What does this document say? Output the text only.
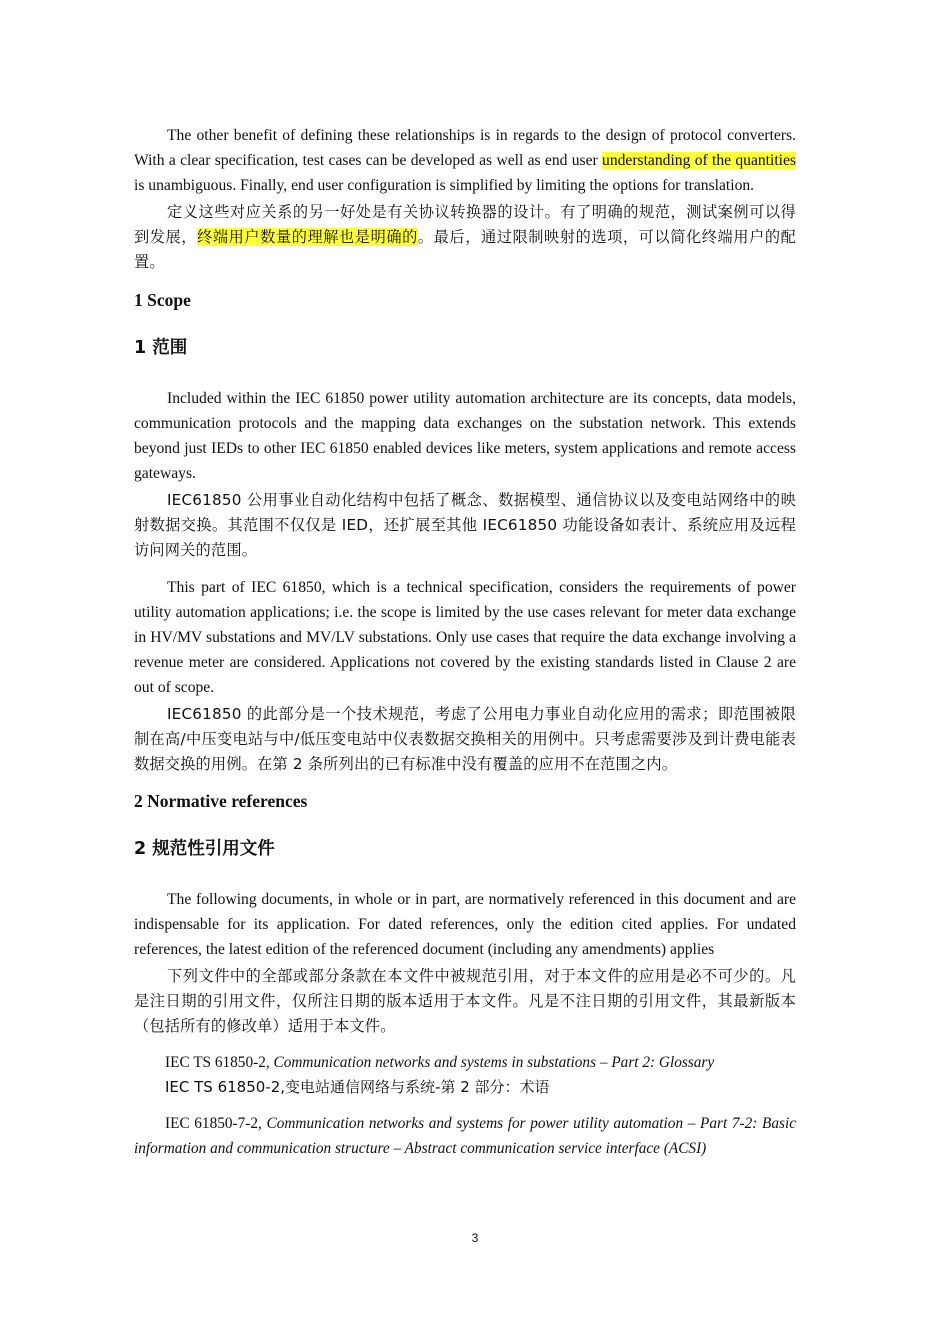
The other benefit of defining these relationships is in regards to the design of protocol converters. With a clear specification, test cases can be developed as well as end user understanding of the quantities is unambiguous. Finally, end user configuration is simplified by limiting the options for translation.

定义这些对应关系的另一好处是有关协议转换器的设计。有了明确的规范，测试案例可以得到发展，终端用户数量的理解也是明确的。最后，通过限制映射的选项，可以简化终端用户的配置。

1 Scope
1 范围

Included within the IEC 61850 power utility automation architecture are its concepts, data models, communication protocols and the mapping data exchanges on the substation network. This extends beyond just IEDs to other IEC 61850 enabled devices like meters, system applications and remote access gateways.

IEC61850 公用事业自动化结构中包括了概念、数据模型、通信协议以及变电站网络中的映射数据交换。其范围不仅仅是 IED，还扩展至其他 IEC61850 功能设备如表计、系统应用及远程访问网关的范围。

This part of IEC 61850, which is a technical specification, considers the requirements of power utility automation applications; i.e. the scope is limited by the use cases relevant for meter data exchange in HV/MV substations and MV/LV substations. Only use cases that require the data exchange involving a revenue meter are considered. Applications not covered by the existing standards listed in Clause 2 are out of scope.

IEC61850 的此部分是一个技术规范，考虑了公用电力事业自动化应用的需求；即范围被限制在高/中压变电站与中/低压变电站中仪表数据交换相关的用例中。只考虑需要涉及到计费电能表数据交换的用例。在第 2 条所列出的已有标准中没有覆盖的应用不在范围之内。

2 Normative references
2 规范性引用文件

The following documents, in whole or in part, are normatively referenced in this document and are indispensable for its application. For dated references, only the edition cited applies. For undated references, the latest edition of the referenced document (including any amendments) applies

下列文件中的全部或部分条款在本文件中被规范引用，对于本文件的应用是必不可少的。凡是注日期的引用文件，仅所注日期的版本适用于本文件。凡是不注日期的引用文件，其最新版本（包括所有的修改单）适用于本文件。

IEC TS 61850-2, Communication networks and systems in substations – Part 2: Glossary

IEC TS 61850-2,变电站通信网络与系统-第 2 部分：术语

IEC 61850-7-2, Communication networks and systems for power utility automation – Part 7-2: Basic information and communication structure – Abstract communication service interface (ACSI)

3
